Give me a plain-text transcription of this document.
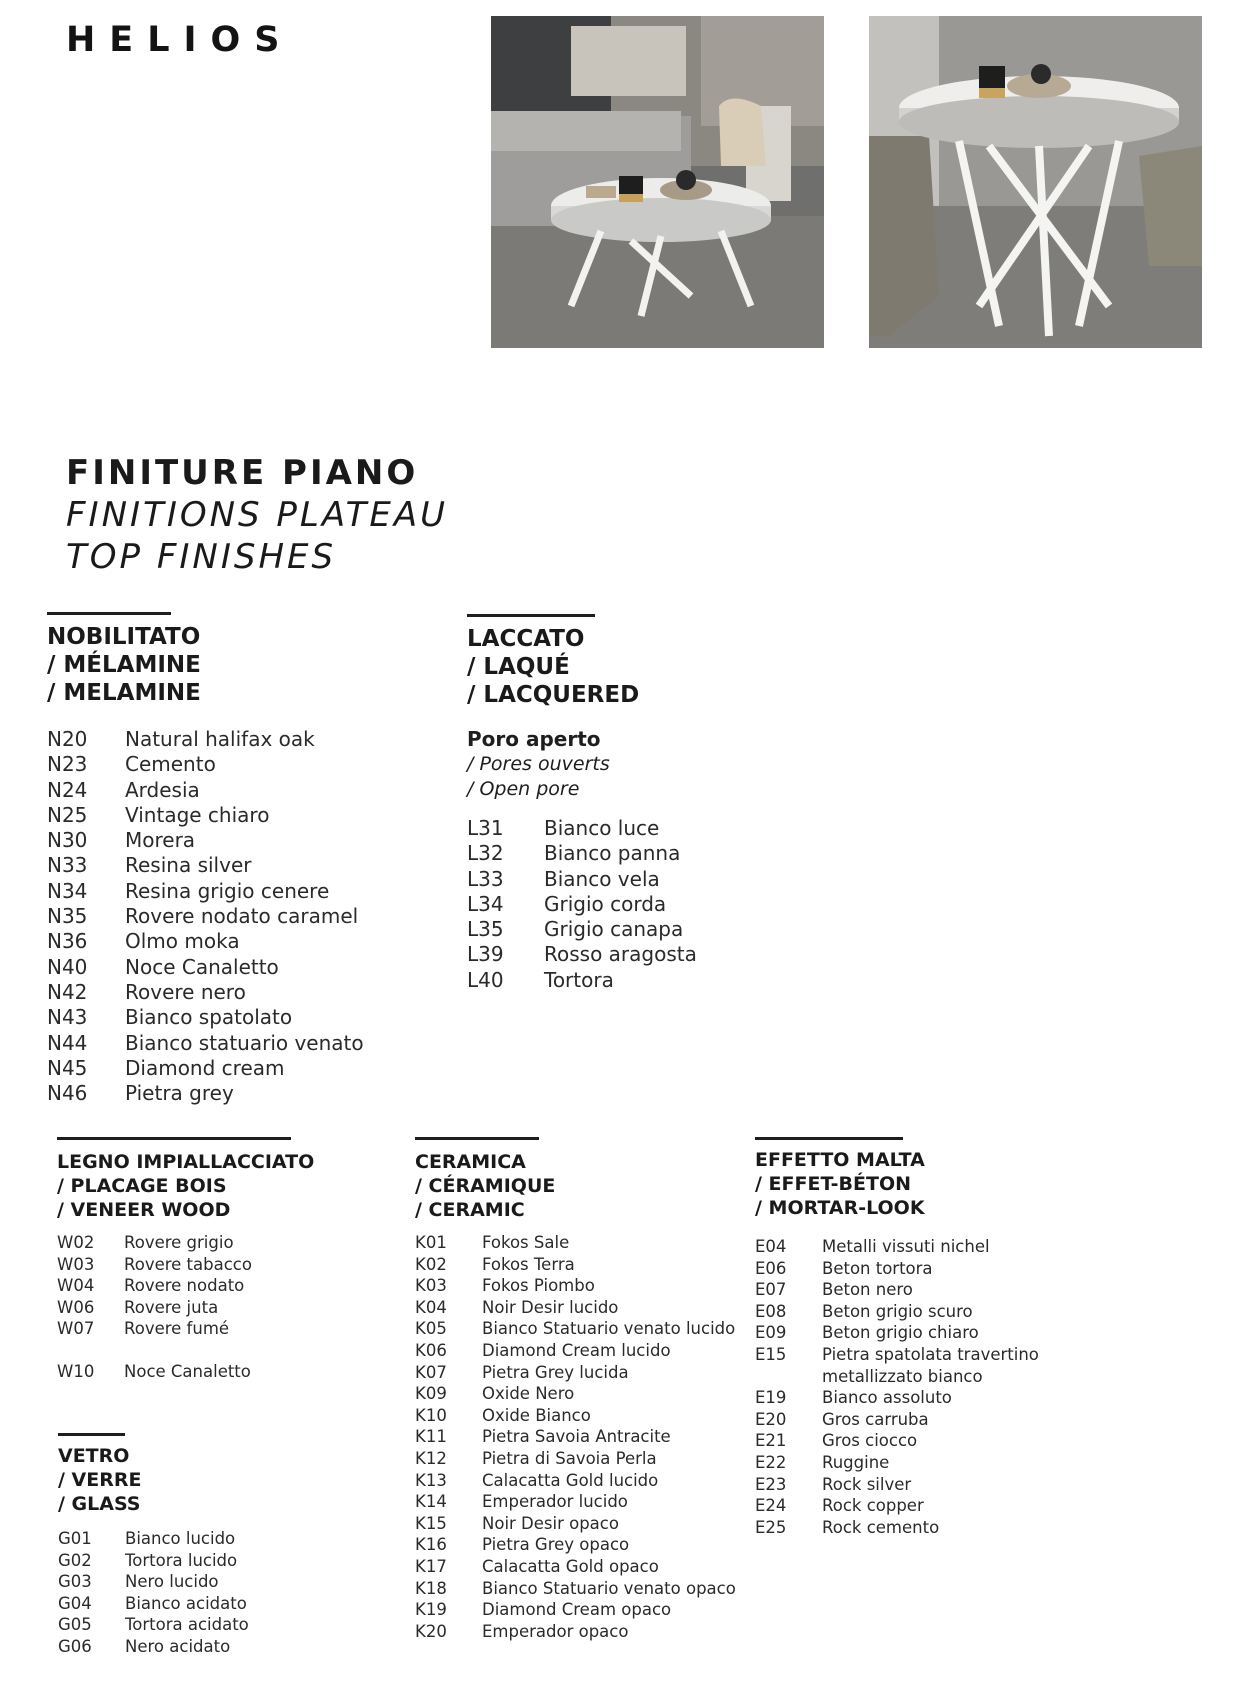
HELIOS
FINITURE PIANO
FINITIONS PLATEAU
TOP FINISHES
NOBILITATO
/ MÉLAMINE
/ MELAMINE
N20 Natural halifax oak
N23 Cemento
N24 Ardesia
N25 Vintage chiaro
N30 Morera
N33 Resina silver
N34 Resina grigio cenere
N35 Rovere nodato caramel
N36 Olmo moka
N40 Noce Canaletto
N42 Rovere nero
N43 Bianco spatolato
N44 Bianco statuario venato
N45 Diamond cream
N46 Pietra grey
LACCATO
/ LAQUÉ
/ LACQUERED
Poro aperto
/ Pores ouverts
/ Open pore
L31 Bianco luce
L32 Bianco panna
L33 Bianco vela
L34 Grigio corda
L35 Grigio canapa
L39 Rosso aragosta
L40 Tortora
LEGNO IMPIALLACCIATO
/ PLACAGE BOIS
/ VENEER WOOD
W02 Rovere grigio
W03 Rovere tabacco
W04 Rovere nodato
W06 Rovere juta
W07 Rovere fumé
W10 Noce Canaletto
VETRO
/ VERRE
/ GLASS
G01 Bianco lucido
G02 Tortora lucido
G03 Nero lucido
G04 Bianco acidato
G05 Tortora acidato
G06 Nero acidato
CERAMICA
/ CÉRAMIQUE
/ CERAMIC
K01 Fokos Sale
K02 Fokos Terra
K03 Fokos Piombo
K04 Noir Desir lucido
K05 Bianco Statuario venato lucido
K06 Diamond Cream lucido
K07 Pietra Grey lucida
K09 Oxide Nero
K10 Oxide Bianco
K11 Pietra Savoia Antracite
K12 Pietra di Savoia Perla
K13 Calacatta Gold lucido
K14 Emperador lucido
K15 Noir Desir opaco
K16 Pietra Grey opaco
K17 Calacatta Gold opaco
K18 Bianco Statuario venato opaco
K19 Diamond Cream opaco
K20 Emperador opaco
EFFETTO MALTA
/ EFFET-BÉTON
/ MORTAR-LOOK
E04 Metalli vissuti nichel
E06 Beton tortora
E07 Beton nero
E08 Beton grigio scuro
E09 Beton grigio chiaro
E15 Pietra spatolata travertino
metallizzato bianco
E19 Bianco assoluto
E20 Gros carruba
E21 Gros ciocco
E22 Ruggine
E23 Rock silver
E24 Rock copper
E25 Rock cemento
